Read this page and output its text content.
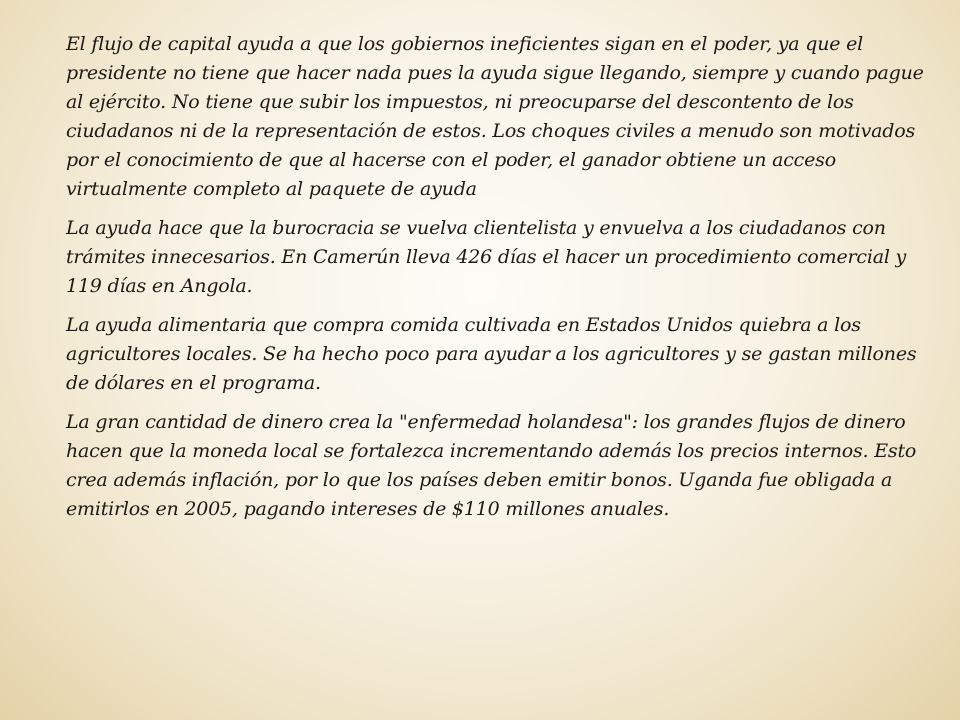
El flujo de capital ayuda a que los gobiernos ineficientes sigan en el poder, ya que el presidente no tiene que hacer nada pues la ayuda sigue llegando, siempre y cuando pague al ejército. No tiene que subir los impuestos, ni preocuparse del descontento de los ciudadanos ni de la representación de estos. Los choques civiles a menudo son motivados por el conocimiento de que al hacerse con el poder, el ganador obtiene un acceso virtualmente completo al paquete de ayuda

La ayuda hace que la burocracia se vuelva clientelista y envuelva a los ciudadanos con trámites innecesarios. En Camerún lleva 426 días el hacer un procedimiento comercial y 119 días en Angola.

La ayuda alimentaria que compra comida cultivada en Estados Unidos quiebra a los agricultores locales. Se ha hecho poco para ayudar a los agricultores y se gastan millones de dólares en el programa.

La gran cantidad de dinero crea la "enfermedad holandesa": los grandes flujos de dinero hacen que la moneda local se fortalezca incrementando además los precios internos. Esto crea además inflación, por lo que los países deben emitir bonos. Uganda fue obligada a emitirlos en 2005, pagando intereses de $110 millones anuales.
